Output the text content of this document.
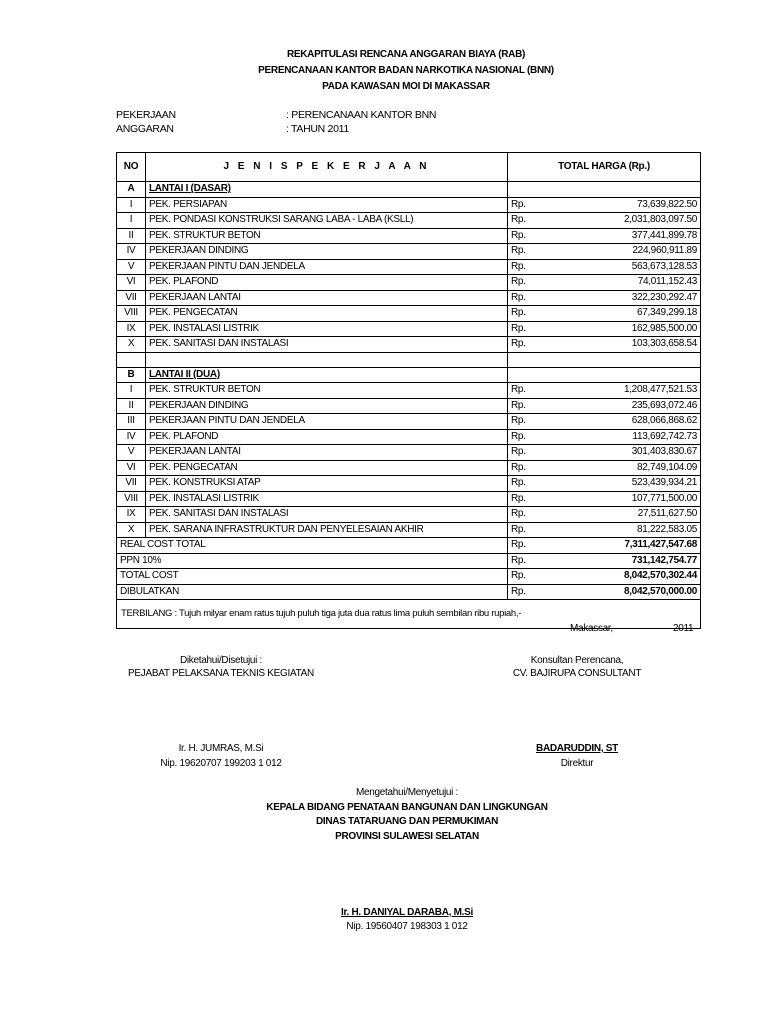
REKAPITULASI RENCANA ANGGARAN BIAYA (RAB)
PERENCANAAN KANTOR BADAN NARKOTIKA NASIONAL (BNN)
PADA KAWASAN MOI DI MAKASSAR
PEKERJAAN	: PERENCANAAN KANTOR BNN
ANGGARAN	: TAHUN 2011
NO	J E N I S P E K E R J A A N	TOTAL HARGA (Rp.)	
A	LANTAI I (DASAR)		
I	PEK. PERSIAPAN	Rp.	73,639,822.50
I	PEK. PONDASI KONSTRUKSI SARANG LABA - LABA (KSLL)	Rp.	2,031,803,097.50
II	PEK. STRUKTUR BETON	Rp.	377,441,899.78
IV	PEKERJAAN DINDING	Rp.	224,960,911.89
V	PEKERJAAN PINTU DAN JENDELA	Rp.	563,673,128.53
VI	PEK. PLAFOND	Rp.	74,011,152.43
VII	PEKERJAAN LANTAI	Rp.	322,230,292.47
VIII	PEK. PENGECATAN	Rp.	67,349,299.18
IX	PEK. INSTALASI LISTRIK	Rp.	162,985,500.00
X	PEK. SANITASI DAN INSTALASI	Rp.	103,303,658.54

B	LANTAI II (DUA)		
I	PEK. STRUKTUR BETON	Rp.	1,208,477,521.53
II	PEKERJAAN DINDING	Rp.	235,693,072.46
III	PEKERJAAN PINTU DAN JENDELA	Rp.	628,066,868.62
IV	PEK. PLAFOND	Rp.	113,692,742.73
V	PEKERJAAN LANTAI	Rp.	301,403,830.67
VI	PEK. PENGECATAN	Rp.	82,749,104.09
VII	PEK. KONSTRUKSI ATAP	Rp.	523,439,934.21
VIII	PEK. INSTALASI LISTRIK	Rp.	107,771,500.00
IX	PEK. SANITASI DAN INSTALASI	Rp.	27,511,627.50
X	PEK. SARANA INFRASTRUKTUR DAN PENYELESAIAN AKHIR	Rp.	81,222,583.05
REAL COST TOTAL		Rp.	7,311,427,547.68
PPN 10%		Rp.	731,142,754.77
TOTAL COST		Rp.	8,042,570,302.44
DIBULATKAN		Rp.	8,042,570,000.00
TERBILANG : Tujuh milyar enam ratus tujuh puluh tiga juta dua ratus lima puluh sembilan ribu rupiah,-			
Makassar,	2011
Diketahui/Disetujui :
PEJABAT PELAKSANA TEKNIS KEGIATAN
Ir. H. JUMRAS, M.Si
Nip. 19620707 199203 1 012
Konsultan Perencana,
CV. BAJIRUPA CONSULTANT
BADARUDDIN, ST
Direktur
Mengetahui/Menyetujui :
KEPALA BIDANG PENATAAN BANGUNAN DAN LINGKUNGAN
DINAS TATARUANG DAN PERMUKIMAN
PROVINSI SULAWESI SELATAN
Ir. H. DANIYAL DARABA, M.Si
Nip. 19560407 198303 1 012
